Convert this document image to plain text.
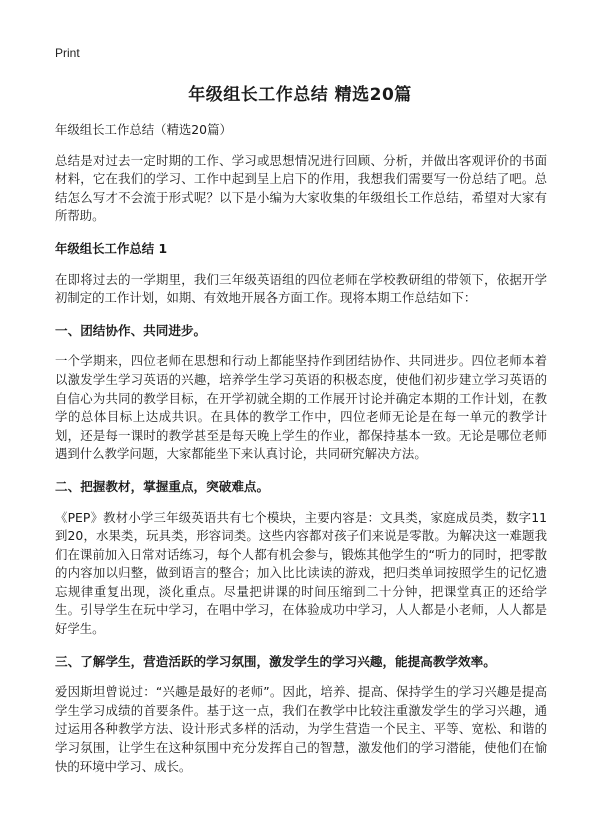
Print
年级组长工作总结 精选20篇

年级组长工作总结（精选20篇）

总结是对过去一定时期的工作、学习或思想情况进行回顾、分析，并做出客观评价的书面材料，它在我们的学习、工作中起到呈上启下的作用，我想我们需要写一份总结了吧。总结怎么写才不会流于形式呢？以下是小编为大家收集的年级组长工作总结，希望对大家有所帮助。

年级组长工作总结 1

在即将过去的一学期里，我们三年级英语组的四位老师在学校教研组的带领下，依据开学初制定的工作计划，如期、有效地开展各方面工作。现将本期工作总结如下：

一、团结协作、共同进步。

一个学期来，四位老师在思想和行动上都能坚持作到团结协作、共同进步。四位老师本着以激发学生学习英语的兴趣，培养学生学习英语的积极态度，使他们初步建立学习英语的自信心为共同的教学目标，在开学初就全期的工作展开讨论并确定本期的工作计划，在教学的总体目标上达成共识。在具体的教学工作中，四位老师无论是在每一单元的教学计划，还是每一课时的教学甚至是每天晚上学生的作业，都保持基本一致。无论是哪位老师遇到什么教学问题，大家都能坐下来认真讨论，共同研究解决方法。

二、把握教材，掌握重点，突破难点。

《PEP》教材小学三年级英语共有七个模块，主要内容是：文具类，家庭成员类，数字11到20，水果类，玩具类，形容词类。这些内容都对孩子们来说是零散。为解决这一难题我们在课前加入日常对话练习，每个人都有机会参与，锻炼其他学生的“听力的同时，把零散的内容加以归整，做到语言的整合；加入比比读读的游戏，把归类单词按照学生的记忆遗忘规律重复出现，淡化重点。尽量把讲课的时间压缩到二十分钟，把课堂真正的还给学生。引导学生在玩中学习，在唱中学习，在体验成功中学习，人人都是小老师，人人都是好学生。

三、了解学生，营造活跃的学习氛围，激发学生的学习兴趣，能提高教学效率。

爱因斯坦曾说过：“兴趣是最好的老师”。因此，培养、提高、保持学生的学习兴趣是提高学生学习成绩的首要条件。基于这一点，我们在教学中比较注重激发学生的学习兴趣，通过运用各种教学方法、设计形式多样的活动，为学生营造一个民主、平等、宽松、和谐的学习氛围，让学生在这种氛围中充分发挥自己的智慧，激发他们的学习潜能，使他们在愉快的环境中学习、成长。
